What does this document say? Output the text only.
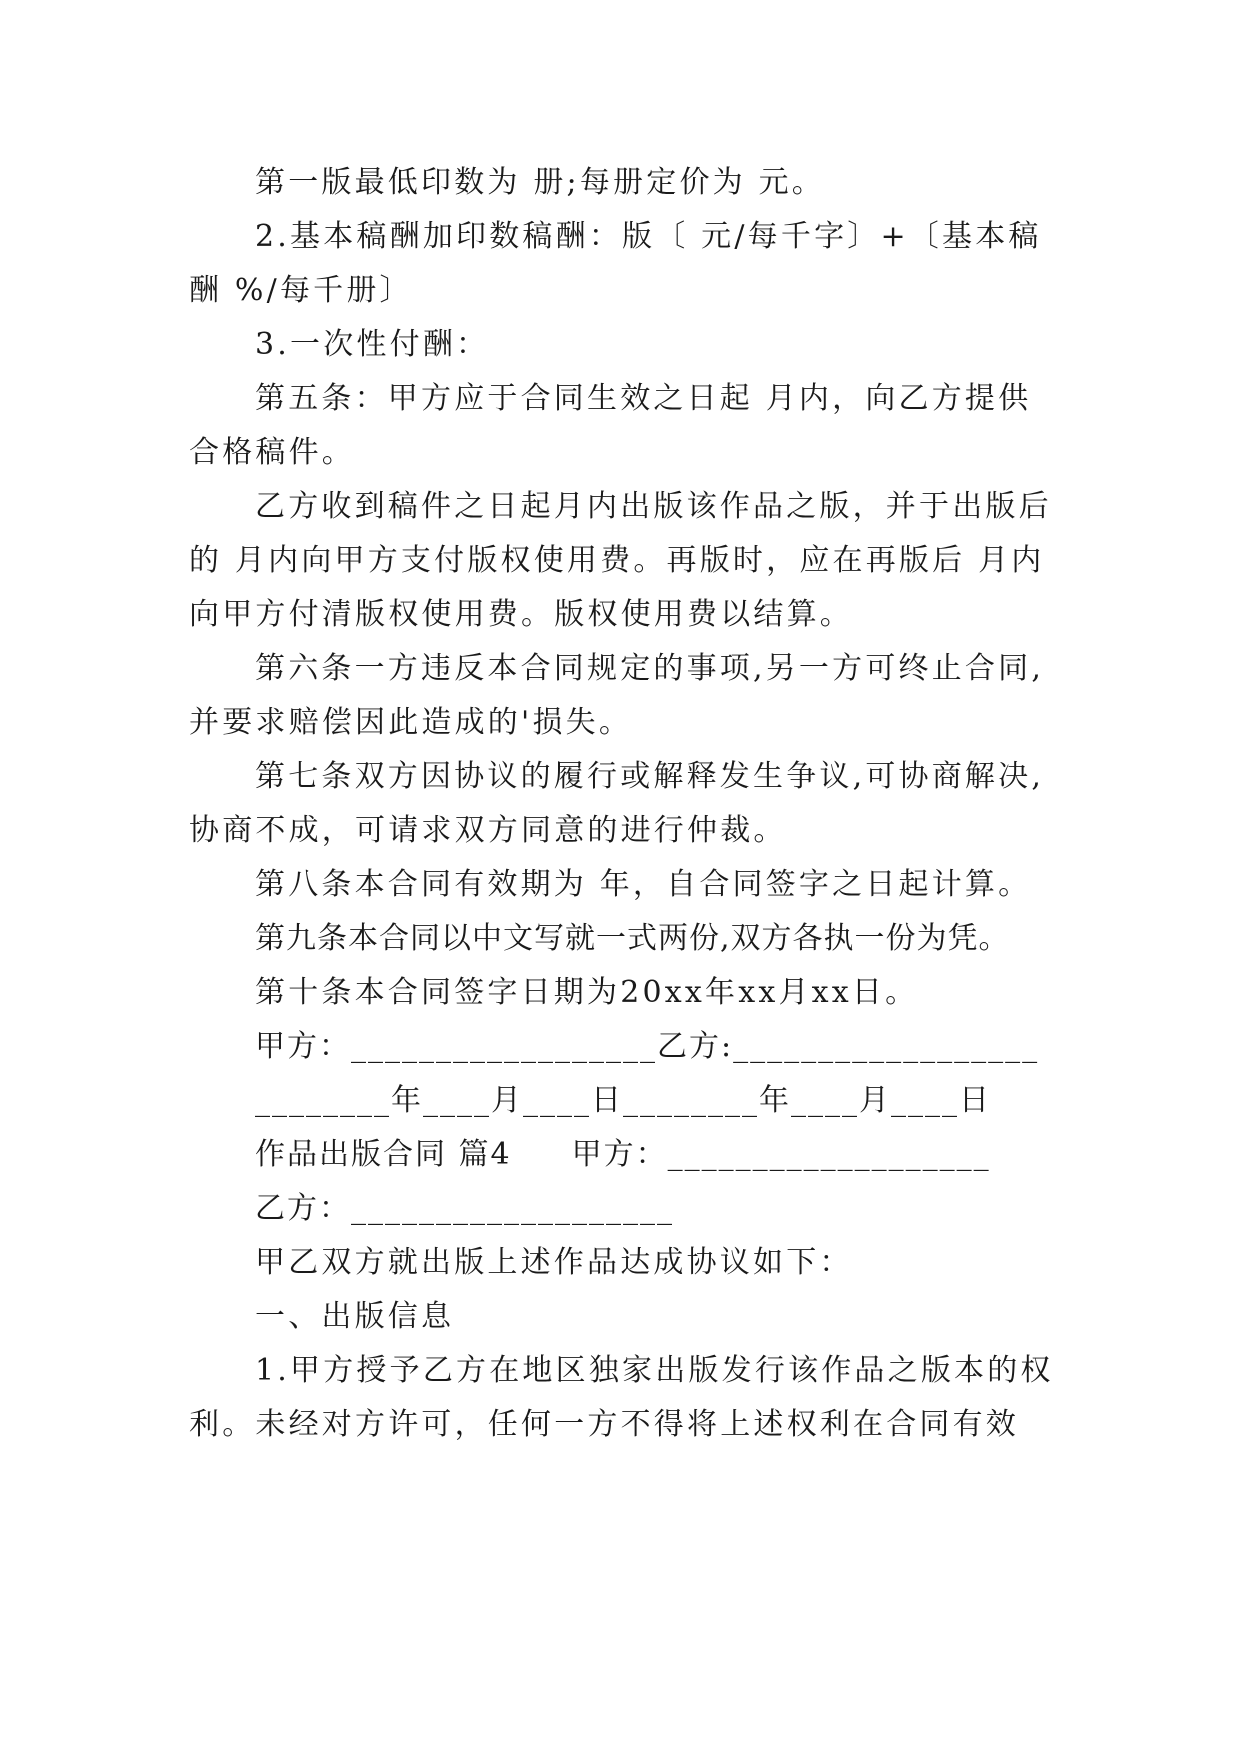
第一版最低印数为 册;每册定价为 元。

2.基本稿酬加印数稿酬：版〔 元/每千字〕+〔基本稿酬 %/每千册〕

3.一次性付酬：

第五条：甲方应于合同生效之日起 月内，向乙方提供合格稿件。

乙方收到稿件之日起月内出版该作品之版，并于出版后的 月内向甲方支付版权使用费。再版时，应在再版后 月内向甲方付清版权使用费。版权使用费以结算。

第六条一方违反本合同规定的事项,另一方可终止合同,并要求赔偿因此造成的'损失。

第七条双方因协议的履行或解释发生争议,可协商解决,协商不成，可请求双方同意的进行仲裁。

第八条本合同有效期为 年，自合同签字之日起计算。

第九条本合同以中文写就一式两份,双方各执一份为凭。

第十条本合同签字日期为20xx年xx月xx日。

甲方：__________________乙方:__________________
________年____月____日________年____月____日
作品出版合同 篇4 甲方：___________________
乙方：___________________

甲乙双方就出版上述作品达成协议如下：

一、出版信息

1.甲方授予乙方在地区独家出版发行该作品之版本的权利。未经对方许可，任何一方不得将上述权利在合同有效
